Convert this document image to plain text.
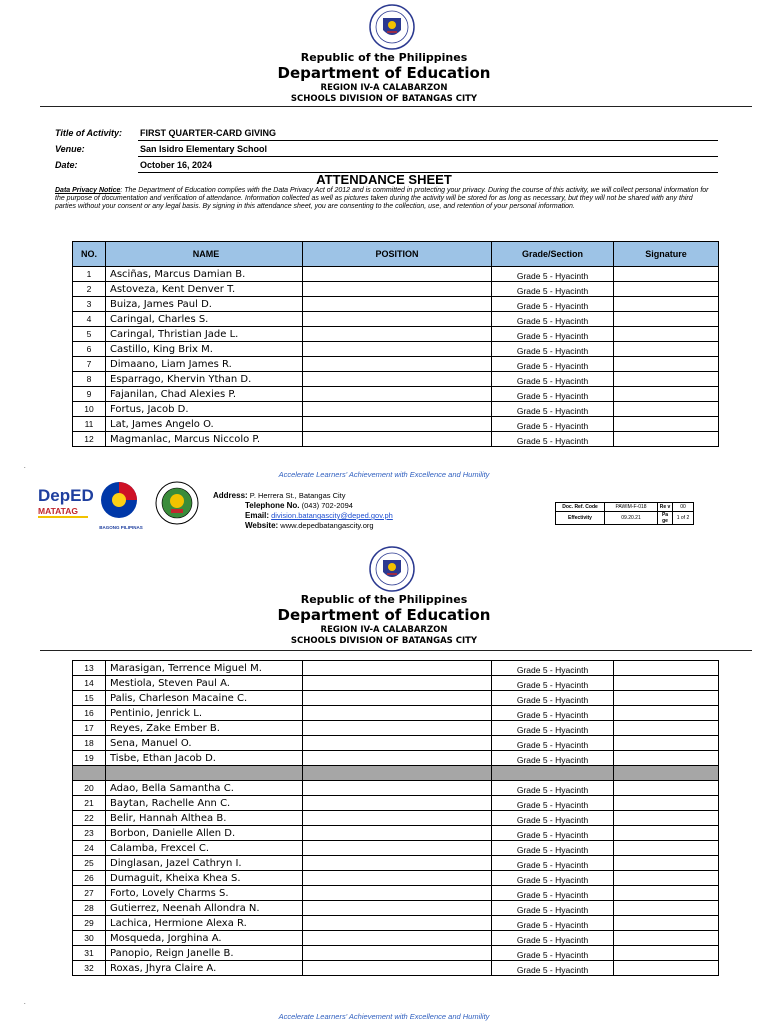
Republic of the Philippines
Department of Education
REGION IV-A CALABARZON
SCHOOLS DIVISION OF BATANGAS CITY
Title of Activity: FIRST QUARTER-CARD GIVING
Venue:	San Isidro Elementary School
Date:	October 16, 2024
ATTENDANCE SHEET
Data Privacy Notice: The Department of Education complies with the Data Privacy Act of 2012 and is committed in protecting your privacy. During the course of this activity, we will collect personal information for the purpose of documentation and verification of attendance. Information collected as well as pictures taken during the activity will be stored for as long as necessary, but they will not be shared with any third parties without your consent or any legal basis. By signing in this attendance sheet, you are consenting to the collection, use, and retention of your personal information.
NO.	NAME	POSITION	Grade/Section	Signature
1	Asciñas, Marcus Damian B.		Grade 5 - Hyacinth	
2	Astoveza, Kent Denver T.		Grade 5 - Hyacinth	
3	Buiza, James Paul D.		Grade 5 - Hyacinth	
4	Caringal, Charles S.		Grade 5 - Hyacinth	
5	Caringal, Thristian Jade L.		Grade 5 - Hyacinth	
6	Castillo, King Brix M.		Grade 5 - Hyacinth	
7	Dimaano, Liam James R.		Grade 5 - Hyacinth	
8	Esparrago, Khervin Ythan D.		Grade 5 - Hyacinth	
9	Fajanilan, Chad Alexies P.		Grade 5 - Hyacinth	
10	Fortus, Jacob D.		Grade 5 - Hyacinth	
11	Lat, James Angelo O.		Grade 5 - Hyacinth	
12	Magmanlac, Marcus Niccolo P.		Grade 5 - Hyacinth	
.
Accelerate Learners' Achievement with Excellence and Humility
DepED
MATATAG
BAGONG PILIPINAS
Address: P. Herrera St., Batangas City
Telephone No. (043) 702-2094
Email: division.batangascity@deped.gov.ph
Website: www.depedbatangascity.org
Doc. Ref. Code	PAWIM-F-018	Re v	00
Effectivity	09.20.21	Pa ge	1 of 2
Republic of the Philippines
Department of Education
REGION IV-A CALABARZON
SCHOOLS DIVISION OF BATANGAS CITY
13	Marasigan, Terrence Miguel M.		Grade 5 - Hyacinth	
14	Mestiola, Steven Paul A.		Grade 5 - Hyacinth	
15	Palis, Charleson Macaine C.		Grade 5 - Hyacinth	
16	Pentinio, Jenrick L.		Grade 5 - Hyacinth	
17	Reyes, Zake Ember B.		Grade 5 - Hyacinth	
18	Sena, Manuel O.		Grade 5 - Hyacinth	
19	Tisbe, Ethan Jacob D.		Grade 5 - Hyacinth	

20	Adao, Bella Samantha C.		Grade 5 - Hyacinth	
21	Baytan, Rachelle Ann C.		Grade 5 - Hyacinth	
22	Belir, Hannah Althea B.		Grade 5 - Hyacinth	
23	Borbon, Danielle Allen D.		Grade 5 - Hyacinth	
24	Calamba, Frexcel C.		Grade 5 - Hyacinth	
25	Dinglasan, Jazel Cathryn I.		Grade 5 - Hyacinth	
26	Dumaguit, Kheixa Khea S.		Grade 5 - Hyacinth	
27	Forto, Lovely Charms S.		Grade 5 - Hyacinth	
28	Gutierrez, Neenah Allondra N.		Grade 5 - Hyacinth	
29	Lachica, Hermione Alexa R.		Grade 5 - Hyacinth	
30	Mosqueda, Jorghina A.		Grade 5 - Hyacinth	
31	Panopio, Reign Janelle B.		Grade 5 - Hyacinth	
32	Roxas, Jhyra Claire A.		Grade 5 - Hyacinth	
.
Accelerate Learners' Achievement with Excellence and Humility
